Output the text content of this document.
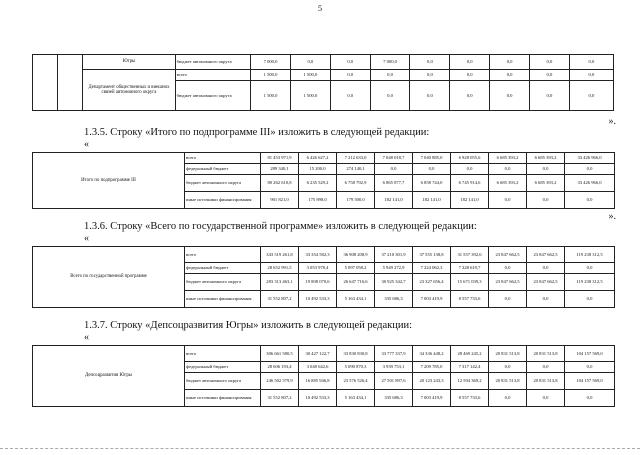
5
		Югры	бюджет автономного округа	7 000,0	0,0	0,0	7 000,0	0,0	0,0	0,0	0,0	0,0
		Департамент общественных и внешних связей автономного округа	всего	1 500,0	1 500,0	0,0	0,0	0,0	0,0	0,0	0,0	0,0
			бюджет автономного округа	1 500,0	1 500,0	0,0	0,0	0,0	0,0	0,0	0,0	0,0
».
1.3.5. Строку «Итого по подпрограмме III» изложить в следующей редакции:
«
Итого по подпрограмме III	всего	81 453 971,9	6 426 627,2	7 212 633,0	7 048 018,7	7 040 885,0	6 928 055,6	6 685 393,2	6 685 393,2	33 426 966,0
	федеральный бюджет	289 340,1	15 200,0	274 140,1	0,0	0,0	0,0	0,0	0,0	0,0
	бюджет автономного округа	80 262 610,8	6 235 529,2	6 758 792,9	6 865 877,7	6 858 744,0	6 745 914,6	6 685 393,2	6 685 393,2	33 426 966,0
	иные источники финансирования	901 821,0	175 898,0	179 500,0	182 141,0	182 141,0	182 141,0	0,0	0,0	0,0
».
1.3.6. Строку «Всего по государственной программе» изложить в следующей редакции:
«
Всего по государственной программе	всего	343 519 261,8	33 354 582,3	36 908 208,9	37 210 301,9	37 555 138,8	31 557 392,6	23 847 662,5	23 847 662,5	119 238 312,5
	федеральный бюджет	28 652 991,5	3 053 978,4	5 097 058,2	5 949 272,9	7 224 062,3	7 328 619,7	0,0	0,0	0,0
	бюджет автономного округа	283 313 463,1	19 808 070,6	26 647 716,6	30 925 342,7	23 327 656,4	15 671 039,3	23 847 662,5	23 847 662,5	119 238 312,5
	иные источники финансирования	31 552 807,2	10 492 533,3	5 163 434,1	335 686,3	7 003 419,9	8 557 733,6	0,0	0,0	0,0
1.3.7. Строку «Депсоцразвития Югры» изложить в следующей редакции:
«
Депсоцразвития Югры	всего	306 661 580,5	30 427 122,7	33 830 830,8	33 777 337,9	34 336 448,2	28 469 245,2	20 831 513,8	20 831 513,8	104 157 569,0
	федеральный бюджет	28 606 193,4	3 048 642,6	5 090 870,3	3 939 753,1	7 209 785,0	7 317 142,4	0,0	0,0	0,0
	бюджет автономного округа	246 502 579,9	16 885 946,8	23 576 526,4	27 501 897,6	20 123 243,3	12 594 369,2	20 831 513,8	20 831 513,8	104 157 569,0
	иные источники финансирования	31 552 807,2	10 492 533,3	5 163 434,1	335 686,3	7 003 419,9	8 557 733,6	0,0	0,0	0,0
